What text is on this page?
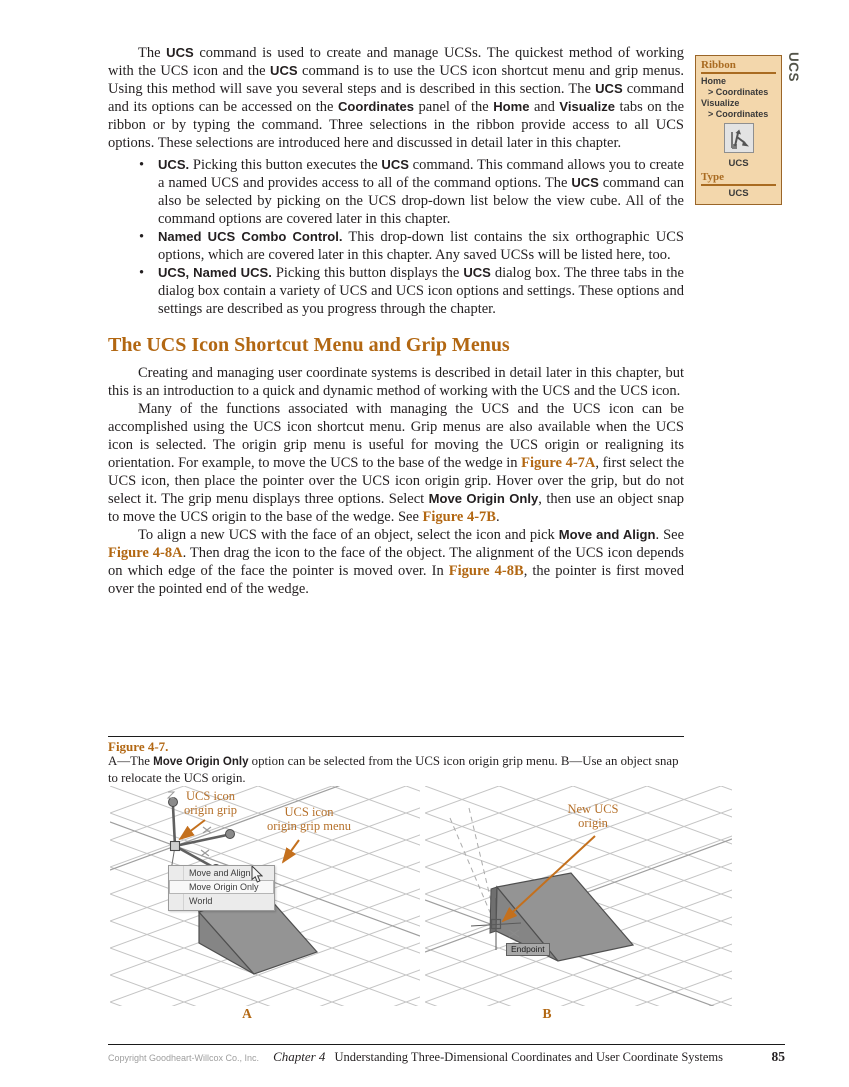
The UCS command is used to create and manage UCSs. The quickest method of working with the UCS icon and the UCS command is to use the UCS icon shortcut menu and grip menus. Using this method will save you several steps and is described in this section. The UCS command and its options can be accessed on the Coordinates panel of the Home and Visualize tabs on the ribbon or by typing the command. Three selections in the ribbon provide access to all UCS options. These selections are introduced here and discussed in detail later in this chapter.

• UCS. Picking this button executes the UCS command. This command allows you to create a named UCS and provides access to all of the command options. The UCS command can also be selected by picking on the UCS drop-down list below the view cube. All of the command options are covered later in this chapter.

• Named UCS Combo Control. This drop-down list contains the six orthographic UCS options, which are covered later in this chapter. Any saved UCSs will be listed here, too.

• UCS, Named UCS. Picking this button displays the UCS dialog box. The three tabs in the dialog box contain a variety of UCS and UCS icon options and settings. These options and settings are described as you progress through the chapter.

The UCS Icon Shortcut Menu and Grip Menus

Creating and managing user coordinate systems is described in detail later in this chapter, but this is an introduction to a quick and dynamic method of working with the UCS and the UCS icon.

Many of the functions associated with managing the UCS and the UCS icon can be accomplished using the UCS icon shortcut menu. Grip menus are also available when the UCS icon is selected. The origin grip menu is useful for moving the UCS origin or realigning its orientation. For example, to move the UCS to the base of the wedge in Figure 4-7A, first select the UCS icon, then place the pointer over the UCS icon origin grip. Hover over the grip, but do not select it. The grip menu displays three options. Select Move Origin Only, then use an object snap to move the UCS origin to the base of the wedge. See Figure 4-7B.

To align a new UCS with the face of an object, select the icon and pick Move and Align. See Figure 4-8A. Then drag the icon to the face of the object. The alignment of the UCS icon depends on which edge of the face the pointer is moved over. In Figure 4-8B, the pointer is first moved over the pointed end of the wedge.

Ribbon
Home
> Coordinates
Visualize
> Coordinates
UCS
Type
UCS
UCS
Figure 4-7.
A—The Move Origin Only option can be selected from the UCS icon origin grip menu. B—Use an object snap to relocate the UCS origin.
UCS icon
origin grip	UCS icon
origin grip menu
Move and Align
Move Origin Only
World
New UCS
origin
Endpoint
A	B
Copyright Goodheart-Willcox Co., Inc. Chapter 4 Understanding Three-Dimensional Coordinates and User Coordinate Systems	85
